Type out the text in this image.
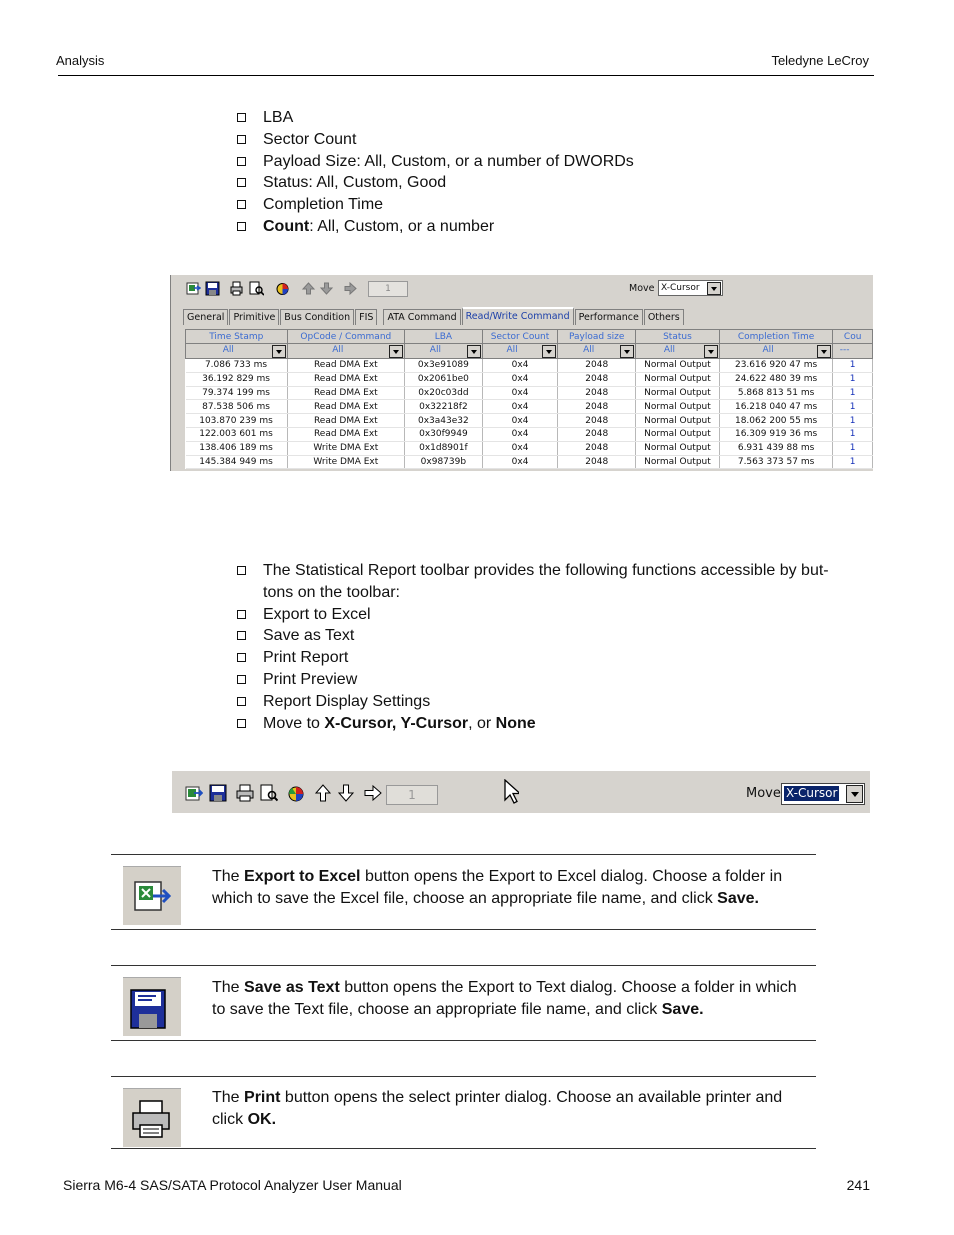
Analysis	Teledyne LeCroy
LBA
Sector Count
Payload Size: All, Custom, or a number of DWORDs
Status: All, Custom, Good
Completion Time
Count: All, Custom, or a number
1	Move X-Cursor
General Primitive Bus Condition FIS	ATA Command Read/Write Command Performance Others
Time Stamp	OpCode / Command	LBA	Sector Count	Payload size	Status	Completion Time	Cou

All	All	All	All	All	All	All	---

7.086 733 ms	Read DMA Ext	0x3e91089	0x4	2048	Normal Output	23.616 920 47 ms	1
36.192 829 ms	Read DMA Ext	0x2061be0	0x4	2048	Normal Output	24.622 480 39 ms	1
79.374 199 ms	Read DMA Ext	0x20c03dd	0x4	2048	Normal Output	5.868 813 51 ms	1
87.538 506 ms	Read DMA Ext	0x32218f2	0x4	2048	Normal Output	16.218 040 47 ms	1
103.870 239 ms	Read DMA Ext	0x3a43e32	0x4	2048	Normal Output	18.062 200 55 ms	1
122.003 601 ms	Read DMA Ext	0x30f9949	0x4	2048	Normal Output	16.309 919 36 ms	1
138.406 189 ms	Write DMA Ext	0x1d8901f	0x4	2048	Normal Output	6.931 439 88 ms	1
145.384 949 ms	Write DMA Ext	0x98739b	0x4	2048	Normal Output	7.563 373 57 ms	1
The Statistical Report toolbar provides the following functions accessible by but-
tons on the toolbar:
Export to Excel
Save as Text
Print Report
Print Preview
Report Display Settings
Move to X-Cursor, Y-Cursor, or None
1	Move X-Cursor
The Export to Excel button opens the Export to Excel dialog. Choose a folder in which to save the Excel file, choose an appropriate file name, and click Save.
The Save as Text button opens the Export to Text dialog. Choose a folder in which to save the Text file, choose an appropriate file name, and click Save.
The Print button opens the select printer dialog. Choose an available printer and click OK.
Sierra M6-4 SAS/SATA Protocol Analyzer User Manual	241
